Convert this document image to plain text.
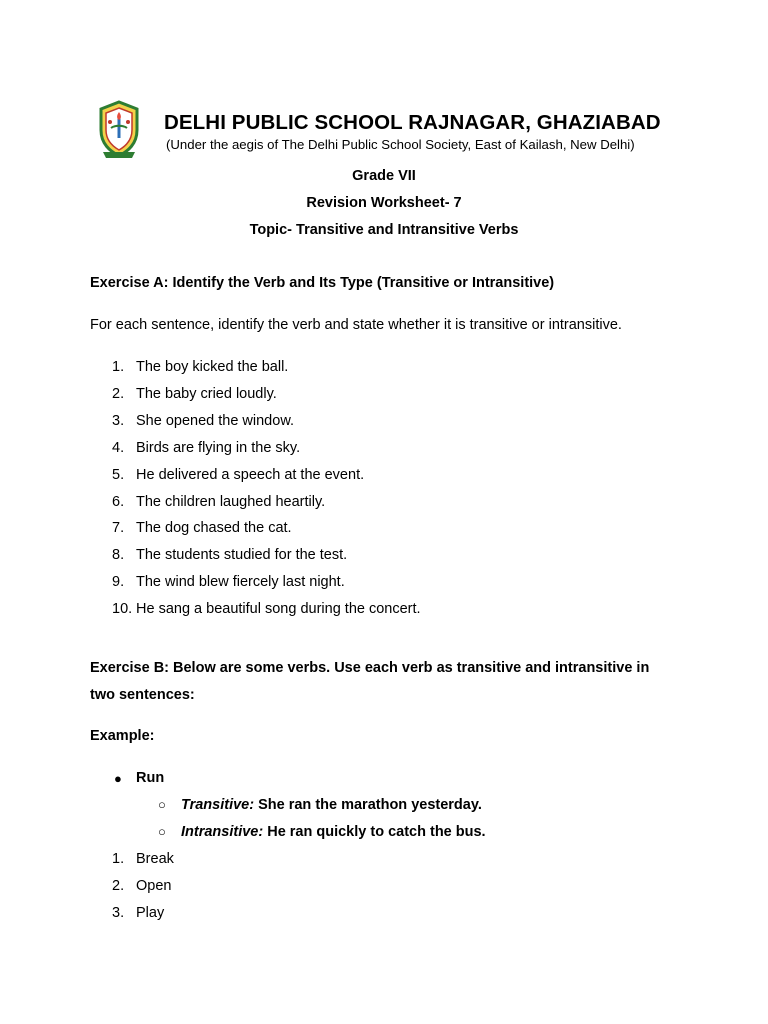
DELHI PUBLIC SCHOOL RAJNAGAR, GHAZIABAD
(Under the aegis of The Delhi Public School Society, East of Kailash, New Delhi)
Grade VII
Revision Worksheet- 7
Topic- Transitive and Intransitive Verbs
Exercise A: Identify the Verb and Its Type (Transitive or Intransitive)
For each sentence, identify the verb and state whether it is transitive or intransitive.
1. The boy kicked the ball.
2. The baby cried loudly.
3. She opened the window.
4. Birds are flying in the sky.
5. He delivered a speech at the event.
6. The children laughed heartily.
7. The dog chased the cat.
8. The students studied for the test.
9. The wind blew fiercely last night.
10. He sang a beautiful song during the concert.
Exercise B: Below are some verbs. Use each verb as transitive and intransitive in
two sentences:
Example:
● Run
○ Transitive: She ran the marathon yesterday.
○ Intransitive: He ran quickly to catch the bus.
1. Break
2. Open
3. Play
